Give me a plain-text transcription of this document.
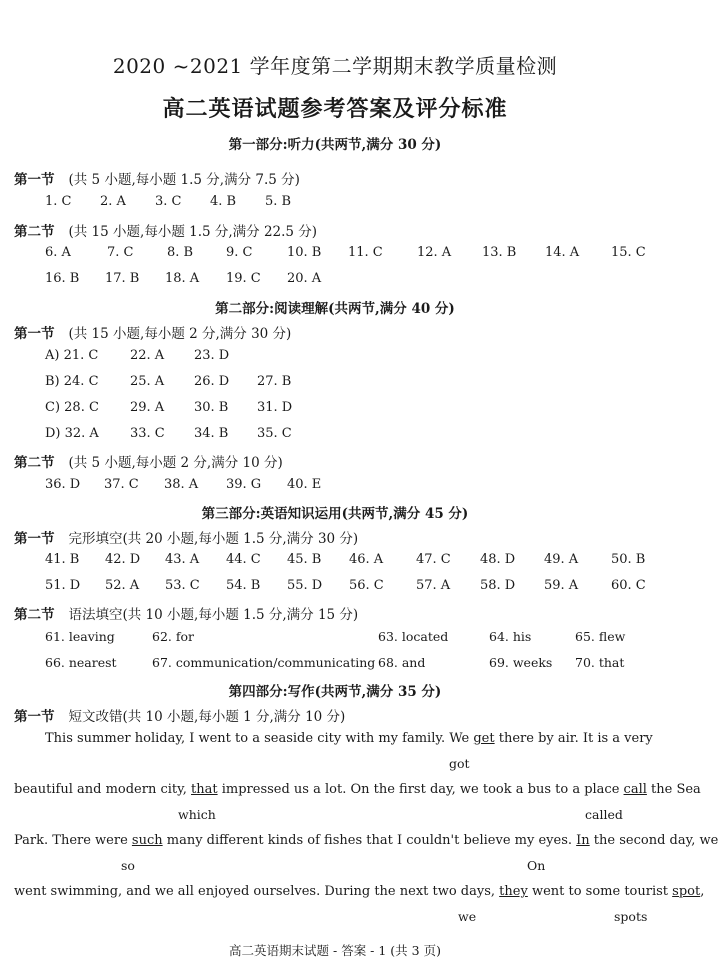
2020 ~2021 学年度第二学期期末教学质量检测
高二英语试题参考答案及评分标准
第一部分:听力(共两节,满分 30 分)
第一节 (共 5 小题,每小题 1.5 分,满分 7.5 分)
1. C 2. A 3. C 4. B 5. B
第二节 (共 15 小题,每小题 1.5 分,满分 22.5 分)
6. A	7. C	8. B	9. C	10. B 11. C	12. A 13. B 14. A 15. C
16. B 17. B 18. A 19. C 20. A
第二部分:阅读理解(共两节,满分 40 分)
第一节 (共 15 小题,每小题 2 分,满分 30 分)
A) 21. C 22. A 23. D
B) 24. C 25. A 26. D 27. B
C) 28. C 29. A 30. B 31. D
D) 32. A 33. C 34. B 35. C
第二节 (共 5 小题,每小题 2 分,满分 10 分)
36. D 37. C 38. A 39. G 40. E
第三部分:英语知识运用(共两节,满分 45 分)
第一节 完形填空(共 20 小题,每小题 1.5 分,满分 30 分)
41. B 42. D 43. A 44. C 45. B 46. A	47. C 48. D 49. A	50. B
51. D 52. A 53. C 54. B 55. D 56. C 57. A 58. D 59. A	60. C
第二节 语法填空(共 10 小题,每小题 1.5 分,满分 15 分)
61. leaving	62. for	63. located	64. his	65. flew
66. nearest	67. communication/communicating 68. and	69. weeks 70. that
第四部分:写作(共两节,满分 35 分)
第一节 短文改错(共 10 小题,每小题 1 分,满分 10 分)
This summer holiday, I went to a seaside city with my family. We get there by air. It is a very
got
beautiful and modern city, that impressed us a lot. On the first day, we took a bus to a place call the Sea
which	called
Park. There were such many different kinds of fishes that I couldn't believe my eyes. In the second day, we
so	On
went swimming, and we all enjoyed ourselves. During the next two days, they went to some tourist spot,
we	spots
高二英语期末试题 - 答案 - 1 (共 3 页)
